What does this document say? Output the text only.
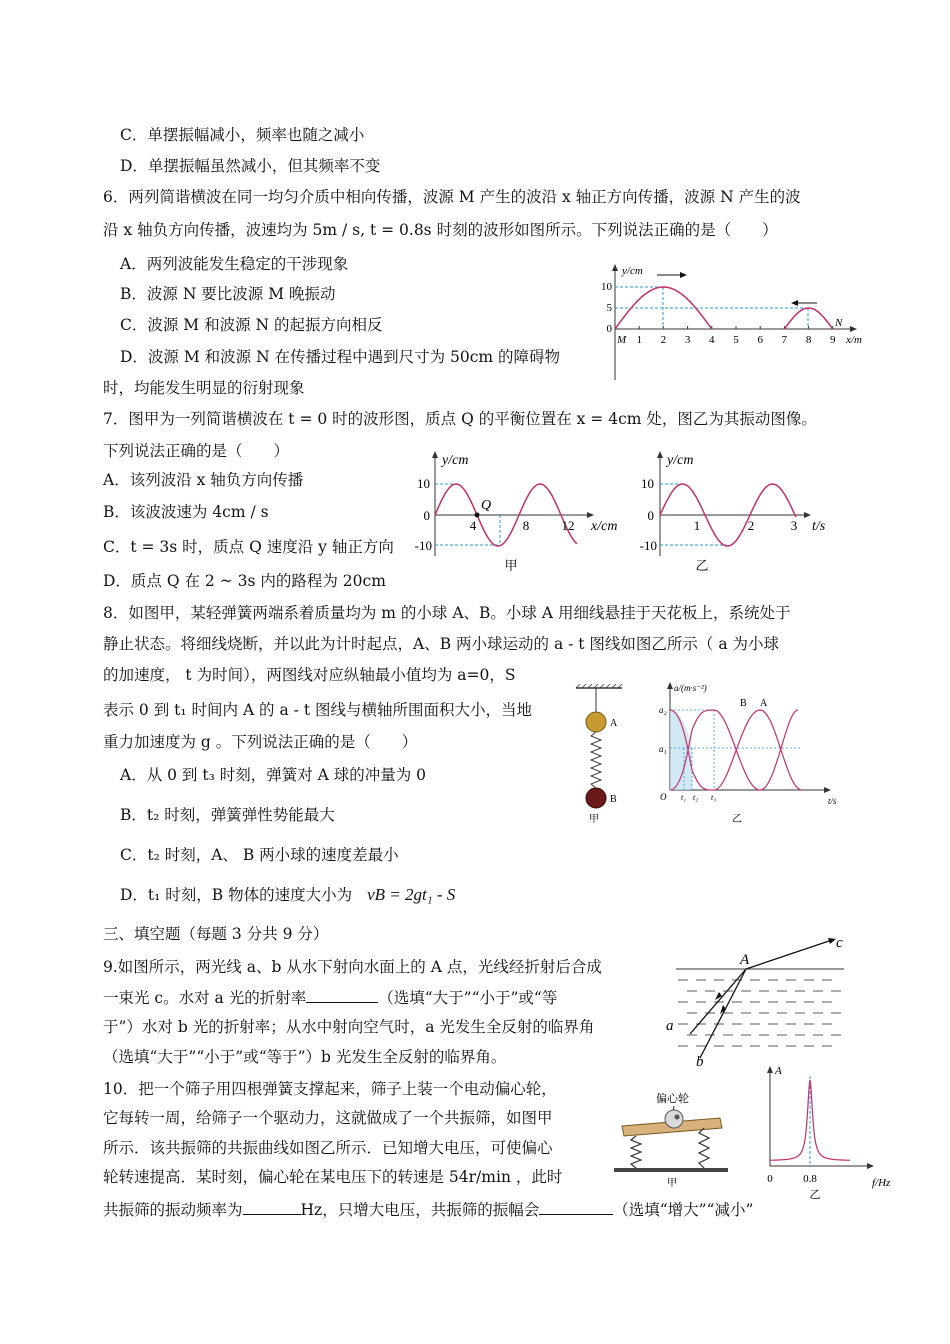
C．单摆振幅减小，频率也随之减小
D．单摆振幅虽然减小，但其频率不变
6．两列简谐横波在同一均匀介质中相向传播，波源 M 产生的波沿 x 轴正方向传播，波源 N 产生的波
沿 x 轴负方向传播，波速均为 5m / s, t = 0.8s 时刻的波形如图所示。下列说法正确的是（　　）
A．两列波能发生稳定的干涉现象
B．波源 N 要比波源 M 晚振动
C．波源 M 和波源 N 的起振方向相反
D．波源 M 和波源 N 在传播过程中遇到尺寸为 50cm 的障碍物
时，均能发生明显的衍射现象
y/cm
x/m
10
5
0
M 1 2 3 4 5 6 7 8 9
N
7．图甲为一列简谐横波在 t = 0 时的波形图，质点 Q 的平衡位置在 x = 4cm 处，图乙为其振动图像。
下列说法正确的是（　　）
A．该列波沿 x 轴负方向传播
B．该波波速为 4cm / s
C．t = 3s 时，质点 Q 速度沿 y 轴正方向
D．质点 Q 在 2 ~ 3s 内的路程为 20cm
y/cm
x/cm
10
0
-10
Q
4	8 12
甲
y/cm
t/s
10
0
-10
1	2	3
乙
8．如图甲，某轻弹簧两端系着质量均为 m 的小球 A、B。小球 A 用细线悬挂于天花板上，系统处于
静止状态。将细线烧断，并以此为计时起点，A、B 两小球运动的 a - t 图线如图乙所示（ a 为小球
的加速度， t 为时间），两图线对应纵轴最小值均为 a=0，S
表示 0 到 t₁ 时间内 A 的 a - t 图线与横轴所围面积大小，当地
重力加速度为 g 。下列说法正确的是（　　）
A．从 0 到 t₃ 时刻，弹簧对 A 球的冲量为 0
B．t₂ 时刻，弹簧弹性势能最大
C．t₂ 时刻，A、 B 两小球的速度差最小
D．t₁ 时刻，B 物体的速度大小为 vB = 2gt₁ - S
A
B
甲
a/(m·s⁻²)
t/s
a₂
a₁
O t₁ t₂ t₃
B A
乙
三、填空题（每题 3 分共 9 分）
9.如图所示，两光线 a、b 从水下射向水面上的 A 点，光线经折射后合成
一束光 c。水对 a 光的折射率	（选填“大于”“小于”或“等
于”）水对 b 光的折射率；从水中射向空气时，a 光发生全反射的临界角
（选填“大于”“小于”或“等于”）b 光发生全反射的临界角。
A
c
a
b
10．把一个筛子用四根弹簧支撑起来，筛子上装一个电动偏心轮，
它每转一周，给筛子一个驱动力，这就做成了一个共振筛，如图甲
所示．该共振筛的共振曲线如图乙所示．已知增大电压，可使偏心
轮转速提高．某时刻，偏心轮在某电压下的转速是 54r/min ，此时
共振筛的振动频率为	Hz，只增大电压，共振筛的振幅会	（选填“增大”“减小”
偏心轮
甲
A
f/Hz
0	0.8
乙
